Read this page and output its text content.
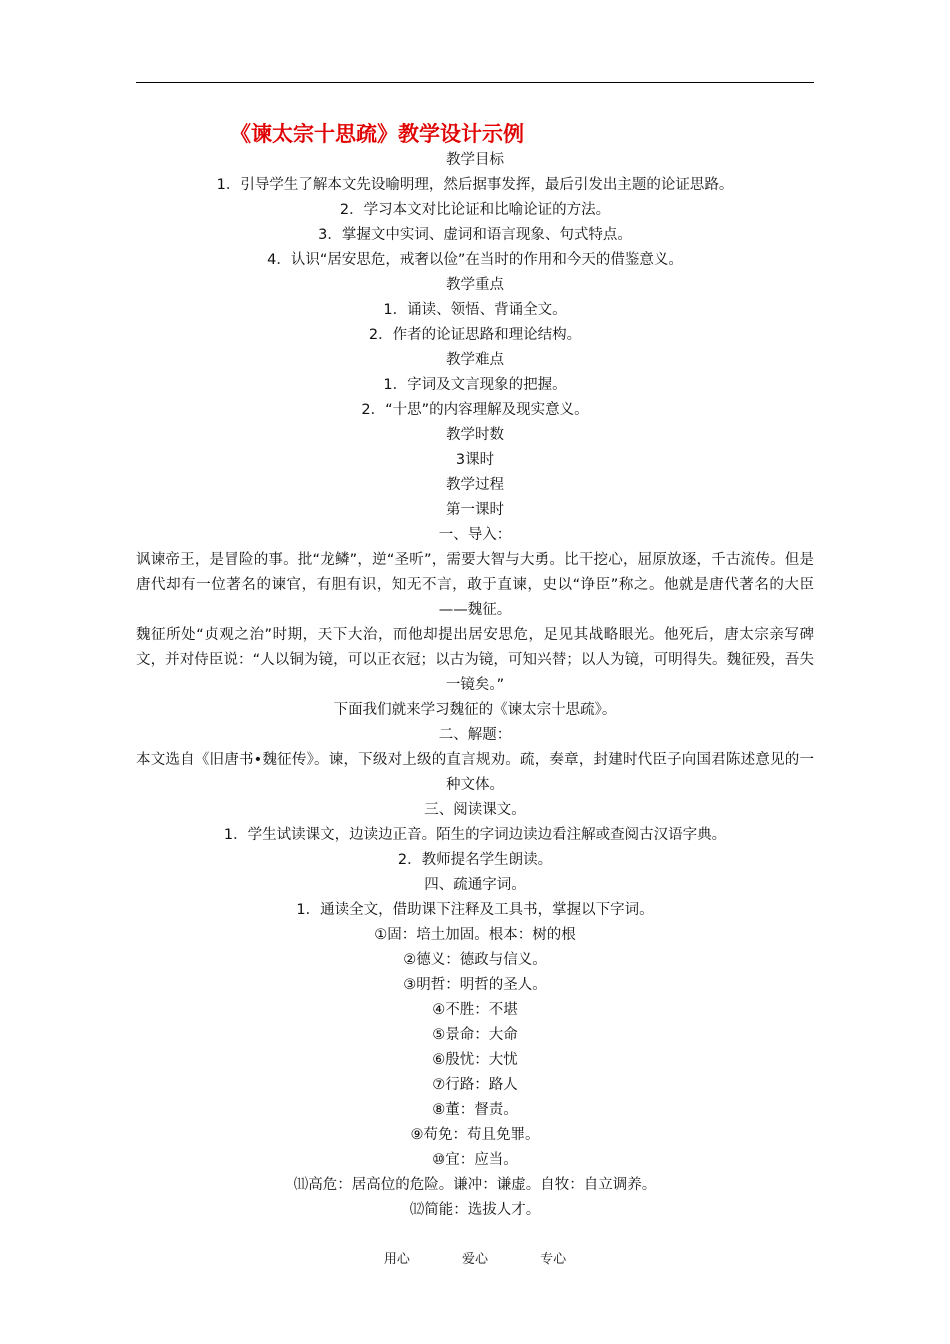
《谏太宗十思疏》教学设计示例

教学目标

1．引导学生了解本文先设喻明理，然后据事发挥，最后引发出主题的论证思路。

2．学习本文对比论证和比喻论证的方法。

3．掌握文中实词、虚词和语言现象、句式特点。

4．认识“居安思危，戒奢以俭”在当时的作用和今天的借鉴意义。

教学重点

1．诵读、领悟、背诵全文。

2．作者的论证思路和理论结构。

教学难点

1．字词及文言现象的把握。

2．“十思”的内容理解及现实意义。

教学时数

3课时

教学过程

第一课时

一、导入：

讽谏帝王，是冒险的事。批“龙鳞”，逆“圣听”，需要大智与大勇。比干挖心，屈原放逐，千古流传。但是唐代却有一位著名的谏官，有胆有识，知无不言，敢于直谏，史以“诤臣”称之。他就是唐代著名的大臣——魏征。

魏征所处“贞观之治”时期，天下大治，而他却提出居安思危，足见其战略眼光。他死后，唐太宗亲写碑文，并对侍臣说：“人以铜为镜，可以正衣冠；以古为镜，可知兴替；以人为镜，可明得失。魏征殁，吾失一镜矣。”

下面我们就来学习魏征的《谏太宗十思疏》。

二、解题：

本文选自《旧唐书•魏征传》。谏，下级对上级的直言规劝。疏，奏章，封建时代臣子向国君陈述意见的一种文体。

三、阅读课文。

1．学生试读课文，边读边正音。陌生的字词边读边看注解或查阅古汉语字典。

2．教师提名学生朗读。

四、疏通字词。

1．通读全文，借助课下注释及工具书，掌握以下字词。

①固：培土加固。根本：树的根

②德义：德政与信义。

③明哲：明哲的圣人。

④不胜：不堪

⑤景命：大命

⑥殷忧：大忧

⑦行路：路人

⑧董：督责。

⑨苟免：苟且免罪。

⑩宜：应当。

⑾高危：居高位的危险。谦冲：谦虚。自牧：自立调养。

⑿简能：选拔人才。

用心	爱心	专心
